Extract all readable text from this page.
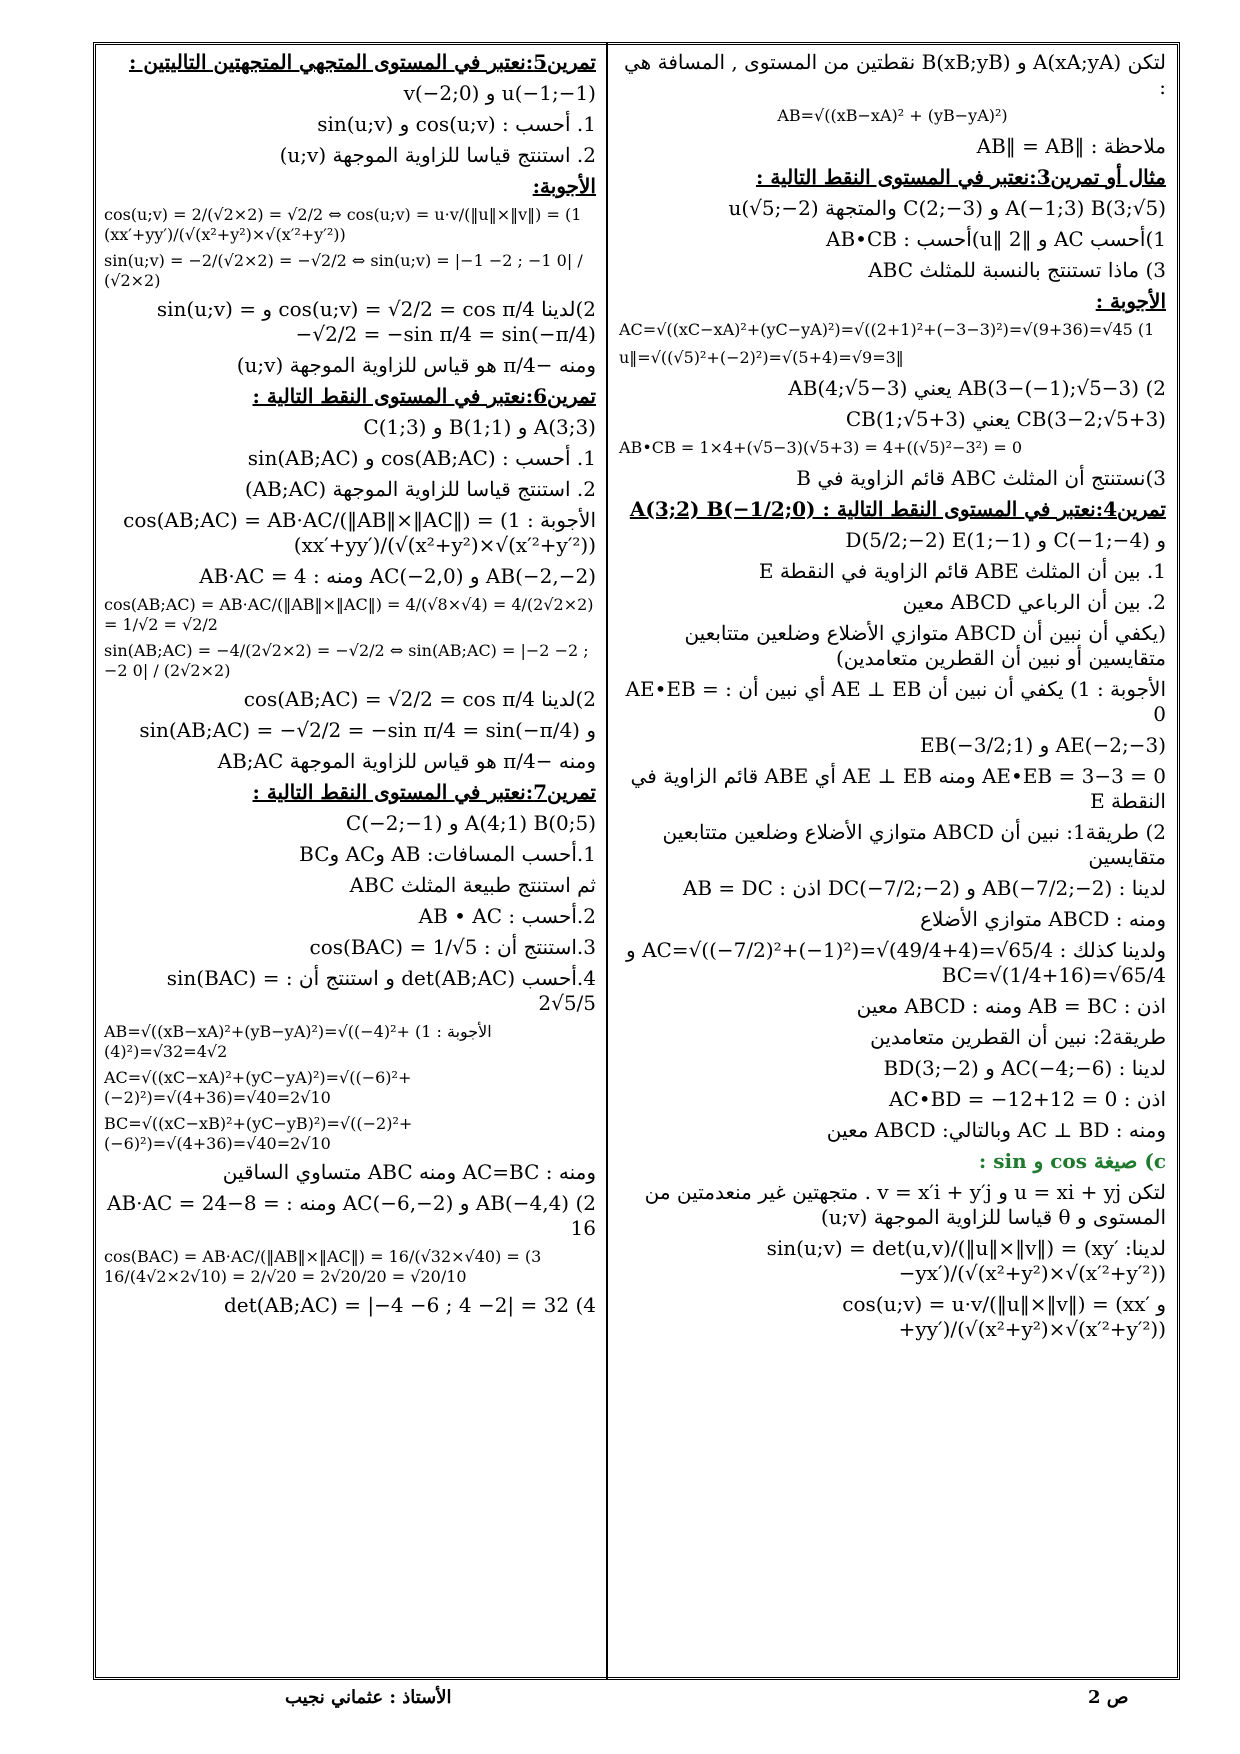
لتكن A(xA;yA) و B(xB;yB) نقطتين من المستوى , المسافة هي :
AB=√((xB−xA)² + (yB−yA)²)
ملاحظة : ‖AB‖ = AB
مثال أو تمرين3:نعتبر في المستوى النقط التالية :
A(−1;3) B(3;√5) و C(2;−3) والمتجهة u(√5;−2)
1)أحسب AC و ‖u‖ 2)أحسب : AB•CB
3) ماذا تستنتج بالنسبة للمثلث ABC
الأجوبة :
1) AC=√((xC−xA)²+(yC−yA)²)=√((2+1)²+(−3−3)²)=√(9+36)=√45
‖u‖=√((√5)²+(−2)²)=√(5+4)=√9=3
2) AB(3−(−1);√5−3) يعني AB(4;√5−3)
CB(3−2;√5+3) يعني CB(1;√5+3)
AB•CB = 1×4+(√5−3)(√5+3) = 4+((√5)²−3²) = 0
3)نستنتج أن المثلث ABC قائم الزاوية في B
تمرين4:نعتبر في المستوى النقط التالية : A(3;2) B(−1/2;0)
و C(−1;−4) و D(5/2;−2) E(1;−1)
1. بين أن المثلث ABE قائم الزاوية في النقطة E
2. بين أن الرباعي ABCD معين
(يكفي أن نبين أن ABCD متوازي الأضلاع وضلعين متتابعين متقايسين أو نبين أن القطرين متعامدين)
الأجوبة : 1) يكفي أن نبين أن AE ⊥ EB أي نبين أن : AE•EB = 0
AE(−2;−3) و EB(−3/2;1)
AE•EB = 3−3 = 0 ومنه AE ⊥ EB أي ABE قائم الزاوية في النقطة E
2) طريقة1: نبين أن ABCD متوازي الأضلاع وضلعين متتابعين متقايسين
لدينا : AB(−7/2;−2) و DC(−7/2;−2) اذن : AB = DC
ومنه : ABCD متوازي الأضلاع
ولدينا كذلك : AC=√((−7/2)²+(−1)²)=√(49/4+4)=√65/4 و BC=√(1/4+16)=√65/4
اذن : AB = BC ومنه : ABCD معين
طريقة2: نبين أن القطرين متعامدين
لدينا : AC(−4;−6) و BD(3;−2)
اذن : AC•BD = −12+12 = 0
ومنه : AC ⊥ BD وبالتالي: ABCD معين
c) صيغة cos و sin :
لتكن u = xi + yj و v = x′i + y′j . متجهتين غير منعدمتين من المستوى و θ قياسا للزاوية الموجهة (u;v)
لدينا: sin(u;v) = det(u,v)/(‖u‖×‖v‖) = (xy′−yx′)/(√(x²+y²)×√(x′²+y′²))
و cos(u;v) = u·v/(‖u‖×‖v‖) = (xx′+yy′)/(√(x²+y²)×√(x′²+y′²))
تمرين5:نعتبر في المستوى المتجهي المتجهتين التاليتين :
u(−1;−1) و v(−2;0)
1. أحسب : cos(u;v) و sin(u;v)
2. استنتج قياسا للزاوية الموجهة (u;v)
الأجوبة:
1) cos(u;v) = 2/(√2×2) = √2/2 ⇔ cos(u;v) = u·v/(‖u‖×‖v‖) = (xx′+yy′)/(√(x²+y²)×√(x′²+y′²))
sin(u;v) = −2/(√2×2) = −√2/2 ⇔ sin(u;v) = |−1 −2 ; −1 0| / (√2×2)
2)لدينا cos(u;v) = √2/2 = cos π/4 و sin(u;v) = −√2/2 = −sin π/4 = sin(−π/4)
ومنه −π/4 هو قياس للزاوية الموجهة (u;v)
تمرين6:نعتبر في المستوى النقط التالية :
A(3;3) و B(1;1) و C(1;3)
1. أحسب : cos(AB;AC) و sin(AB;AC)
2. استنتج قياسا للزاوية الموجهة (AB;AC)
الأجوبة : 1) cos(AB;AC) = AB·AC/(‖AB‖×‖AC‖) = (xx′+yy′)/(√(x²+y²)×√(x′²+y′²))
AB(−2,−2) و AC(−2,0) ومنه : AB·AC = 4
cos(AB;AC) = AB·AC/(‖AB‖×‖AC‖) = 4/(√8×√4) = 4/(2√2×2) = 1/√2 = √2/2
sin(AB;AC) = −4/(2√2×2) = −√2/2 ⇔ sin(AB;AC) = |−2 −2 ; −2 0| / (2√2×2)
2)لدينا cos(AB;AC) = √2/2 = cos π/4
و sin(AB;AC) = −√2/2 = −sin π/4 = sin(−π/4)
ومنه −π/4 هو قياس للزاوية الموجهة AB;AC
تمرين7:نعتبر في المستوى النقط التالية :
A(4;1) B(0;5) و C(−2;−1)
1.أحسب المسافات: AB وAC وBC
ثم استنتج طبيعة المثلث ABC
2.أحسب : AB • AC
3.استنتج أن : cos(BAC) = 1/√5
4.أحسب det(AB;AC) و استنتج أن : sin(BAC) = 2√5/5
الأجوبة : 1) AB=√((xB−xA)²+(yB−yA)²)=√((−4)²+(4)²)=√32=4√2
AC=√((xC−xA)²+(yC−yA)²)=√((−6)²+(−2)²)=√(4+36)=√40=2√10
BC=√((xC−xB)²+(yC−yB)²)=√((−2)²+(−6)²)=√(4+36)=√40=2√10
ومنه : AC=BC ومنه ABC متساوي الساقين
2) AB(−4,4) و AC(−6,−2) ومنه : AB·AC = 24−8 = 16
3) cos(BAC) = AB·AC/(‖AB‖×‖AC‖) = 16/(√32×√40) = 16/(4√2×2√10) = 2/√20 = 2√20/20 = √20/10
4) det(AB;AC) = |−4 −6 ; 4 −2| = 32
الأستاذ : عثماني نجيب	ص 2
